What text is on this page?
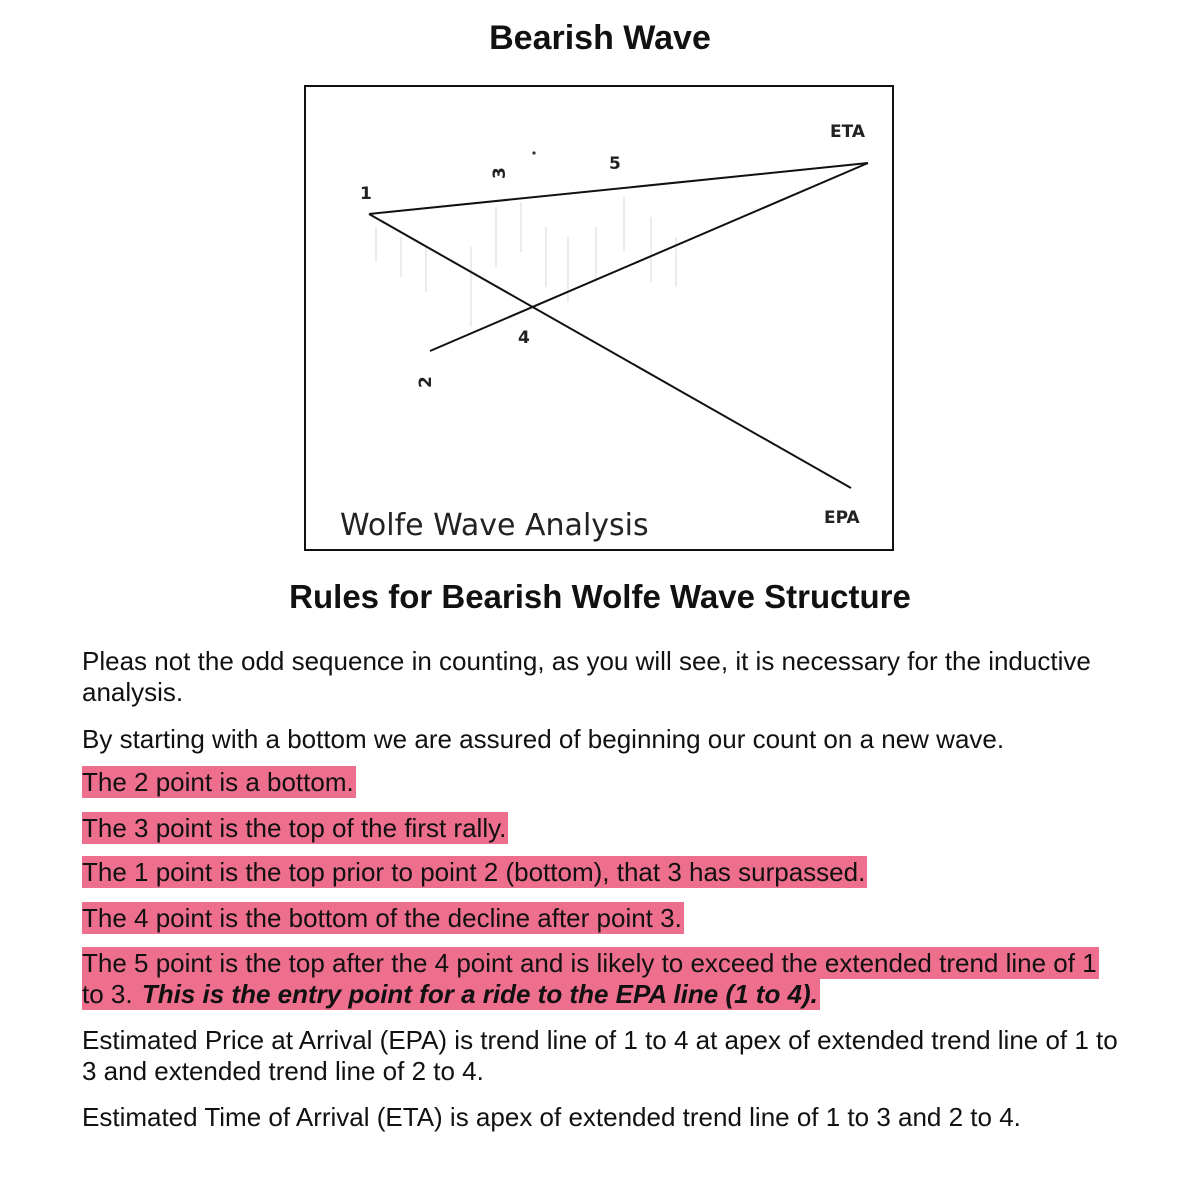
Bearish Wave
1
2
3
4
5
ETA
EPA
Wolfe Wave Analysis
Rules for Bearish Wolfe Wave Structure

Pleas not the odd sequence in counting, as you will see, it is necessary for the inductive analysis.

By starting with a bottom we are assured of beginning our count on a new wave.

The 2 point is a bottom.

The 3 point is the top of the first rally.

The 1 point is the top prior to point 2 (bottom), that 3 has surpassed.

The 4 point is the bottom of the decline after point 3.

The 5 point is the top after the 4 point and is likely to exceed the extended trend line of 1 to 3. This is the entry point for a ride to the EPA line (1 to 4).

Estimated Price at Arrival (EPA) is trend line of 1 to 4 at apex of extended trend line of 1 to 3 and extended trend line of 2 to 4.

Estimated Time of Arrival (ETA) is apex of extended trend line of 1 to 3 and 2 to 4.
